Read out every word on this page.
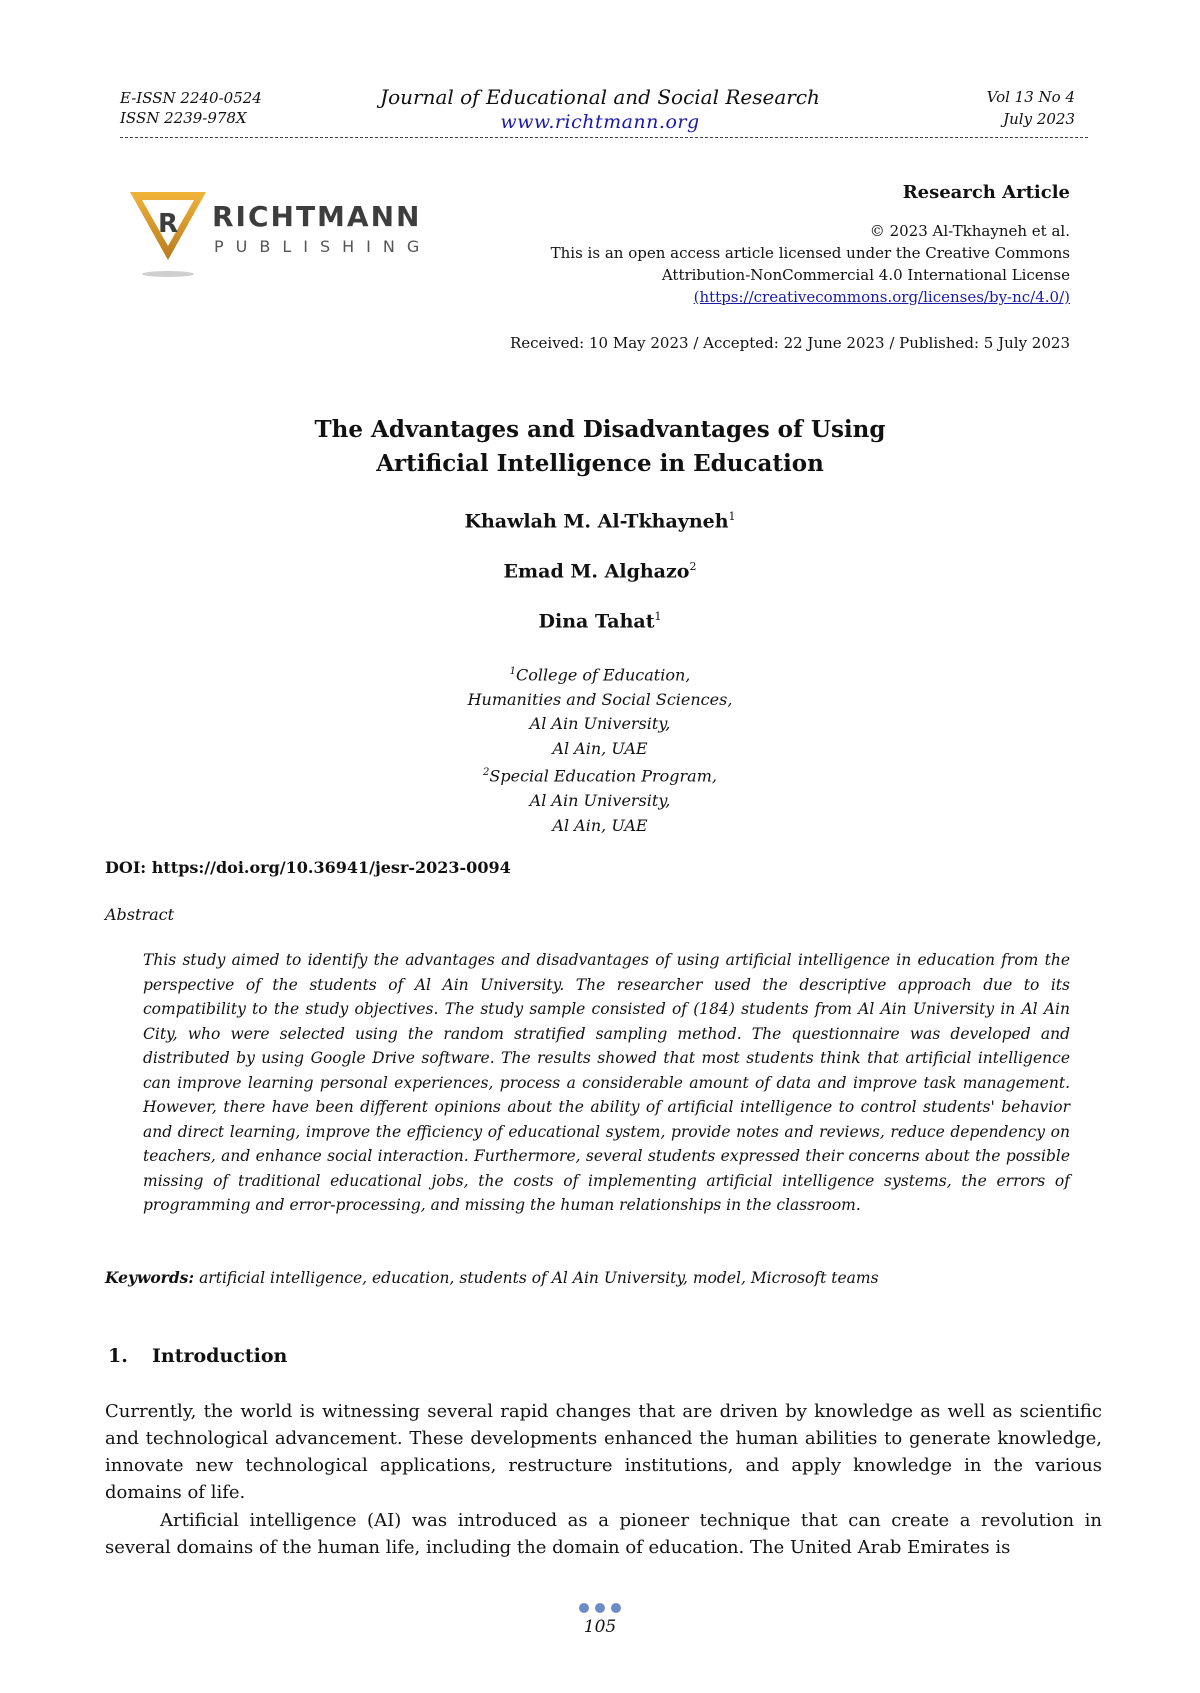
E-ISSN 2240-0524
ISSN 2239-978X
Journal of Educational and Social Research
www.richtmann.org
Vol 13 No 4
July 2023
R RICHTMANN
PUBLISHING
Research Article
© 2023 Al-Tkhayneh et al.
This is an open access article licensed under the Creative Commons
Attribution-NonCommercial 4.0 International License
(https://creativecommons.org/licenses/by-nc/4.0/)
Received: 10 May 2023 / Accepted: 22 June 2023 / Published: 5 July 2023
The Advantages and Disadvantages of Using
Artificial Intelligence in Education
Khawlah M. Al-Tkhayneh$^1$
Emad M. Alghazo$^2$
Dina Tahat$^1$
$^1$College of Education,
Humanities and Social Sciences,
Al Ain University,
Al Ain, UAE
$^2$Special Education Program,
Al Ain University,
Al Ain, UAE
DOI: https://doi.org/10.36941/jesr-2023-0094
Abstract
This study aimed to identify the advantages and disadvantages of using artificial intelligence in education from the perspective of the students of Al Ain University. The researcher used the descriptive approach due to its compatibility to the study objectives. The study sample consisted of (184) students from Al Ain University in Al Ain City, who were selected using the random stratified sampling method. The questionnaire was developed and distributed by using Google Drive software. The results showed that most students think that artificial intelligence can improve learning personal experiences, process a considerable amount of data and improve task management. However, there have been different opinions about the ability of artificial intelligence to control students' behavior and direct learning, improve the efficiency of educational system, provide notes and reviews, reduce dependency on teachers, and enhance social interaction. Furthermore, several students expressed their concerns about the possible missing of traditional educational jobs, the costs of implementing artificial intelligence systems, the errors of programming and error-processing, and missing the human relationships in the classroom.
Keywords: artificial intelligence, education, students of Al Ain University, model, Microsoft teams
1. Introduction
Currently, the world is witnessing several rapid changes that are driven by knowledge as well as scientific and technological advancement. These developments enhanced the human abilities to generate knowledge, innovate new technological applications, restructure institutions, and apply knowledge in the various domains of life.
Artificial intelligence (AI) was introduced as a pioneer technique that can create a revolution in several domains of the human life, including the domain of education. The United Arab Emirates is
105
